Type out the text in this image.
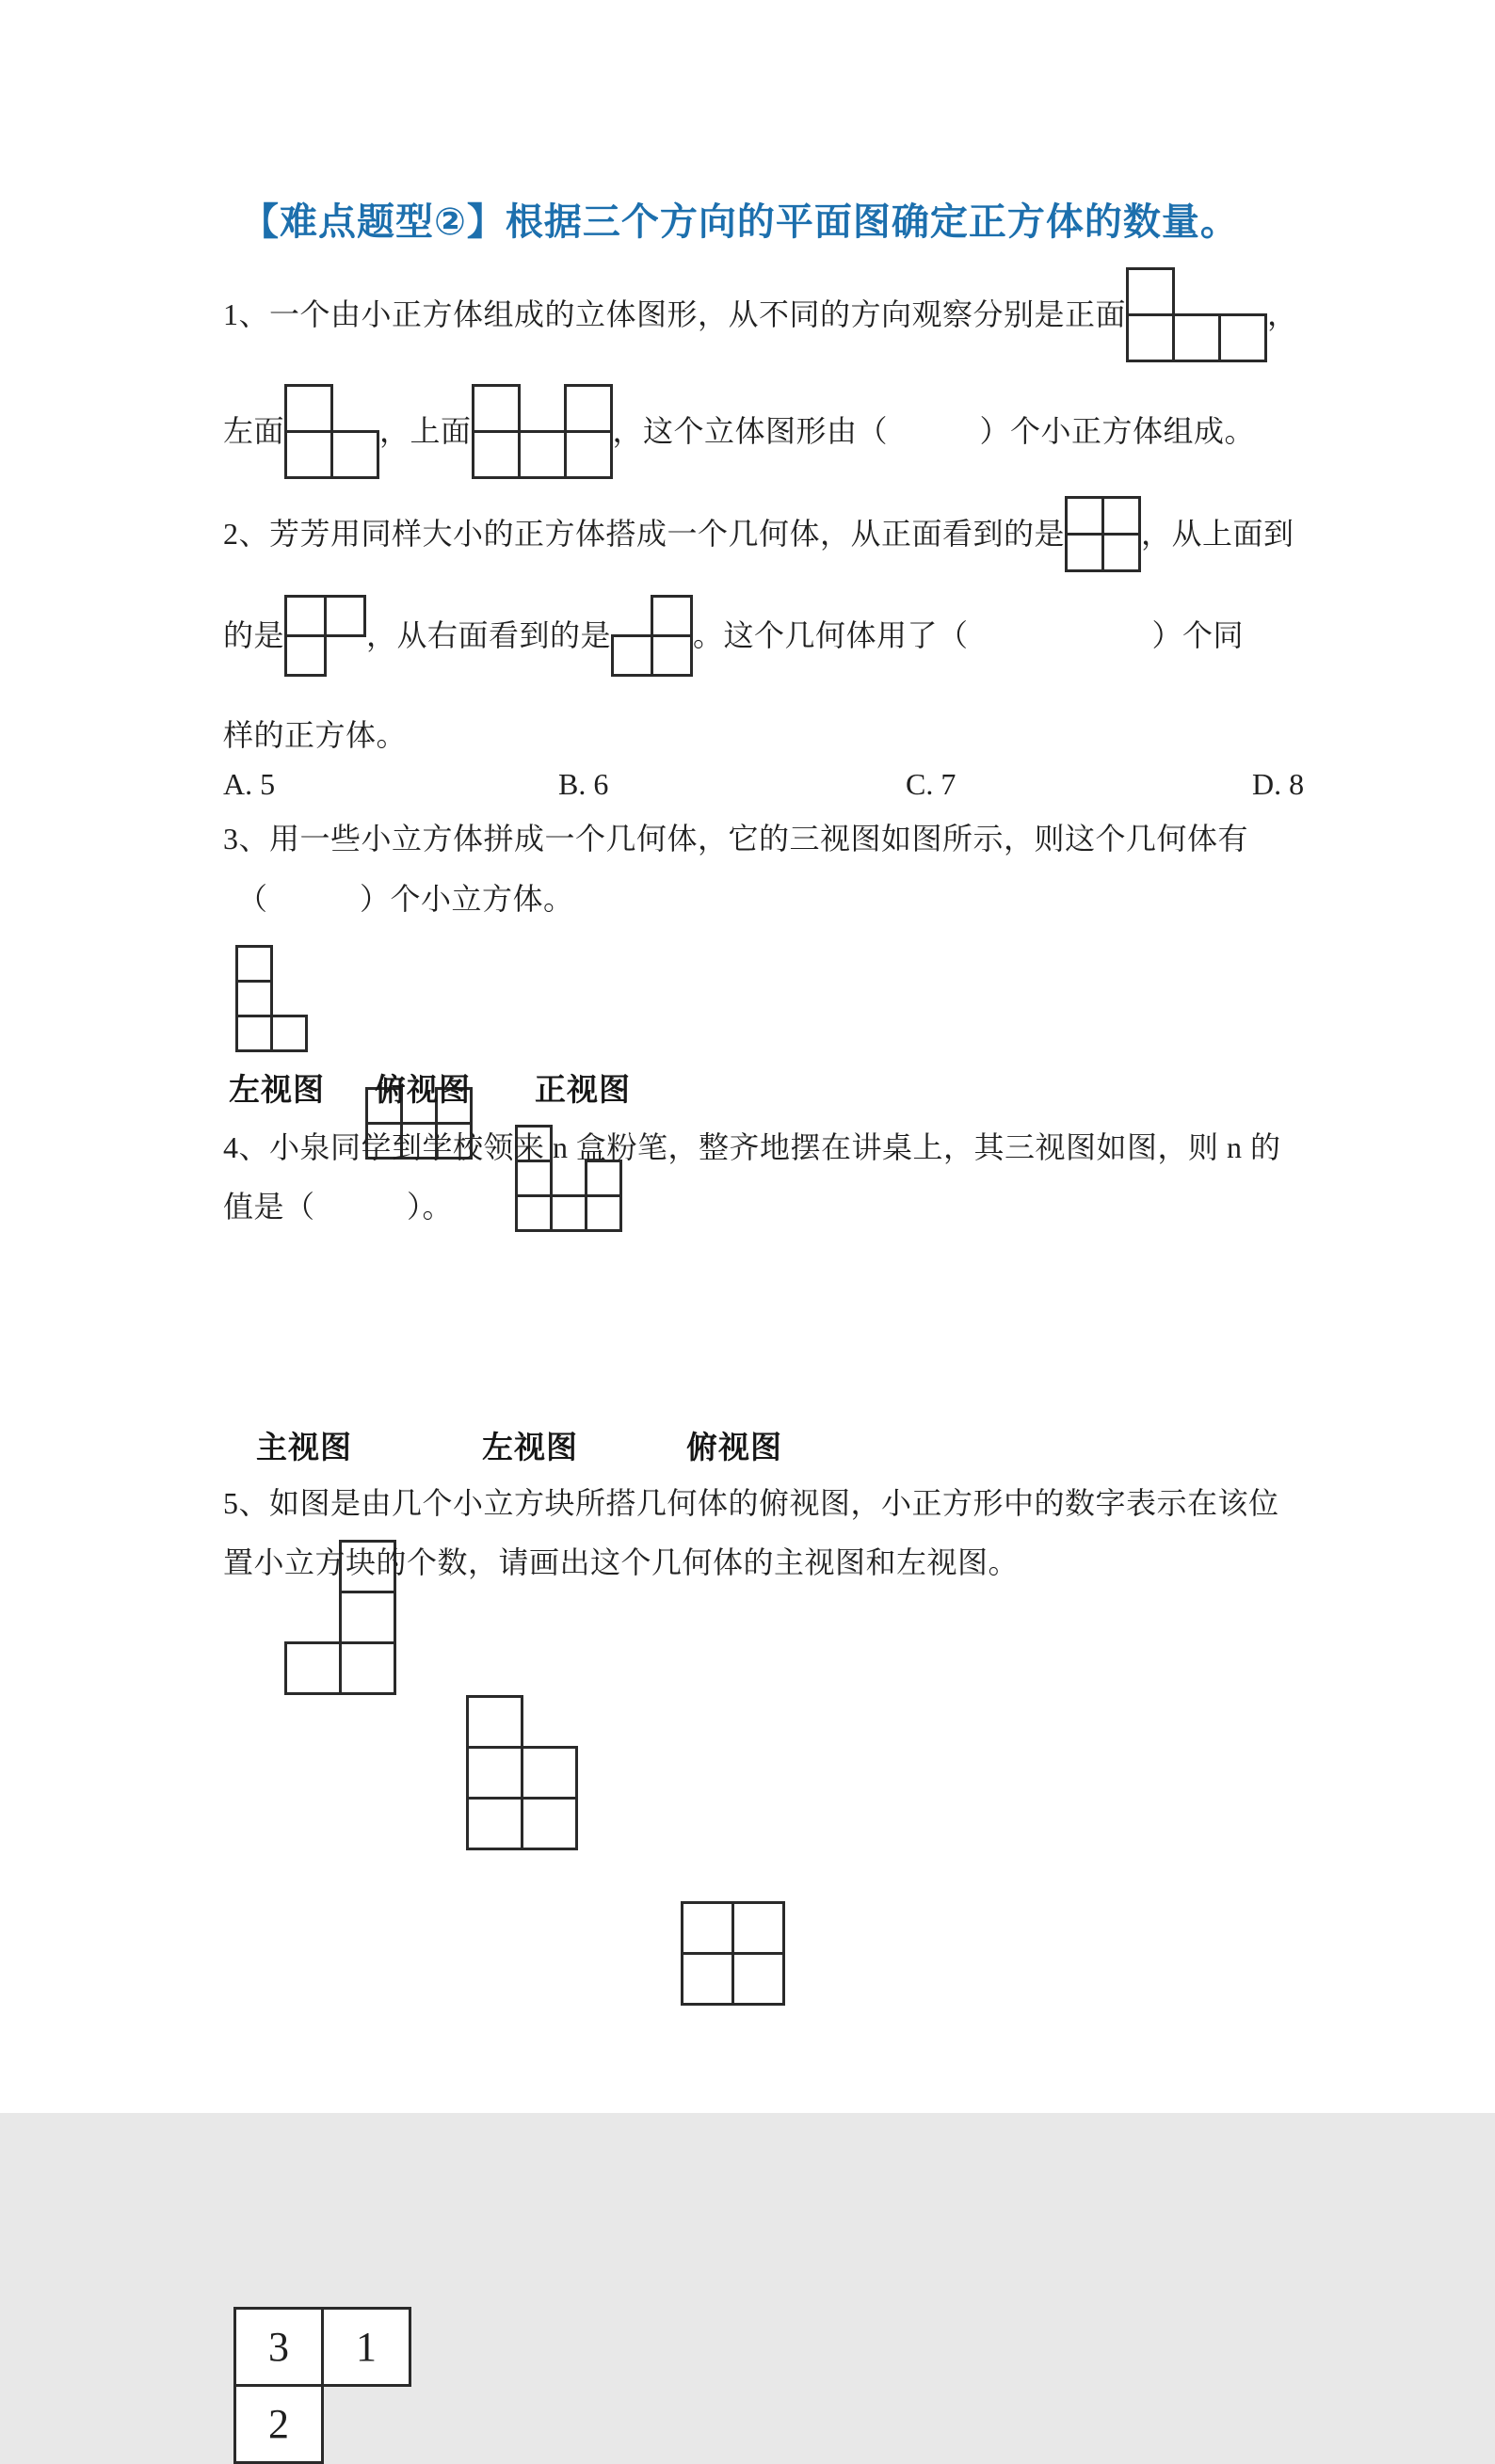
【难点题型②】根据三个方向的平面图确定正方体的数量。
1、一个由小正方体组成的立体图形，从不同的方向观察分别是正面	，
左面	，上面	，这个立体图形由（　　　）个小正方体组成。
2、芳芳用同样大小的正方体搭成一个几何体，从正面看到的是	，从上面到
的是	，从右面看到的是	。这个几何体用了（　　　　　　）个同
样的正方体。
A. 5	B. 6	C. 7	D. 8
3、用一些小立方体拼成一个几何体，它的三视图如图所示，则这个几何体有
（　　　）个小立方体。
左视图 俯视图 正视图
4、小泉同学到学校领来 n 盒粉笔，整齐地摆在讲桌上，其三视图如图，则 n 的
值是（　　　）。
主视图	左视图	俯视图
5、如图是由几个小立方块所搭几何体的俯视图，小正方形中的数字表示在该位
置小立方块的个数，请画出这个几何体的主视图和左视图。
3 1
2
